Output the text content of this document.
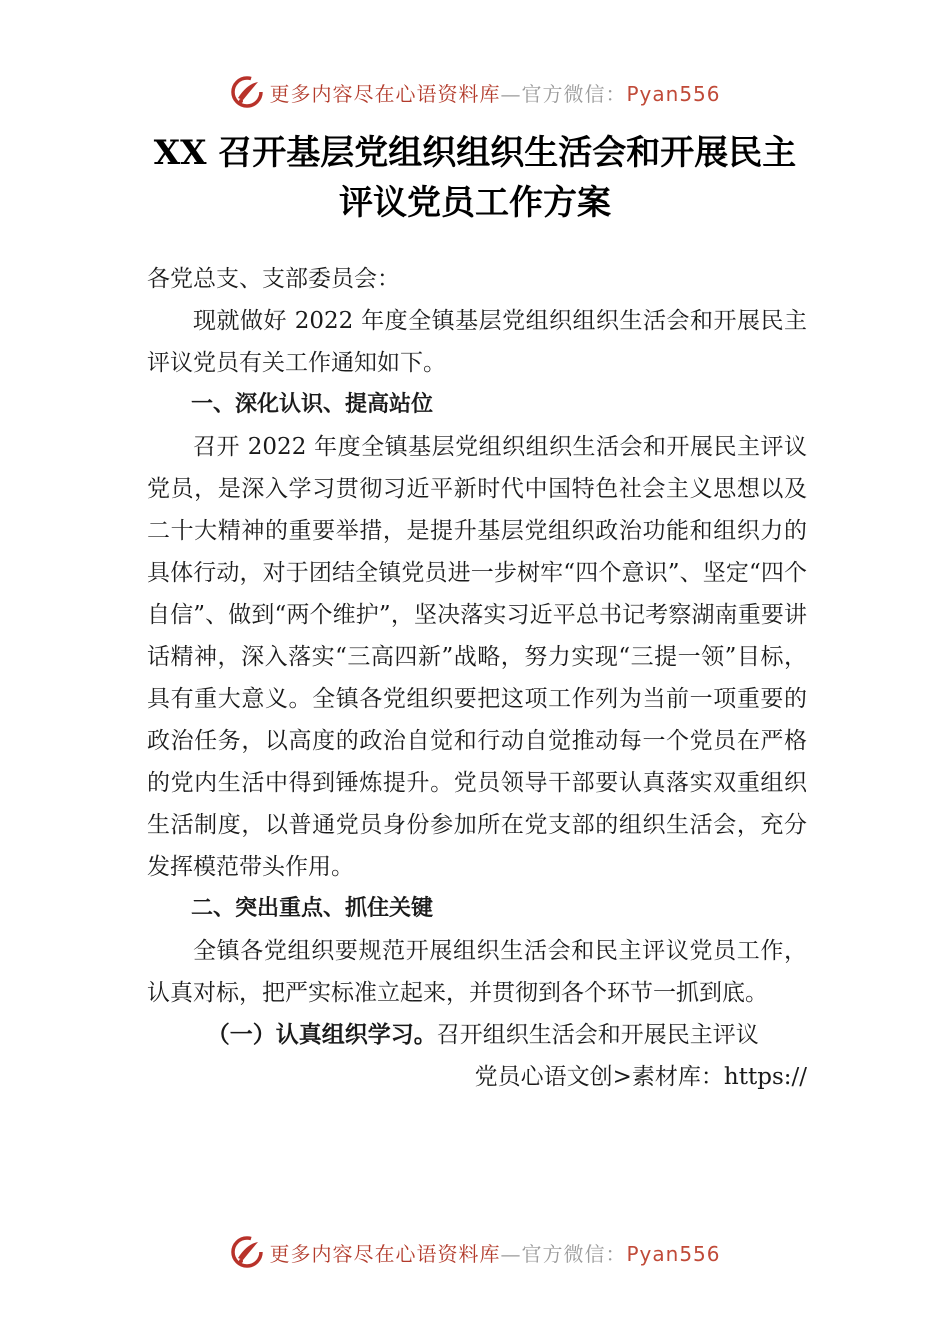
更多内容尽在心语资料库—官方微信：Pyan556
XX 召开基层党组织组织生活会和开展民主
评议党员工作方案

各党总支、支部委员会：

现就做好 2022 年度全镇基层党组织组织生活会和开展民主评议党员有关工作通知如下。

一、深化认识、提高站位

召开 2022 年度全镇基层党组织组织生活会和开展民主评议党员，是深入学习贯彻习近平新时代中国特色社会主义思想以及二十大精神的重要举措，是提升基层党组织政治功能和组织力的具体行动，对于团结全镇党员进一步树牢“四个意识”、坚定“四个自信”、做到“两个维护”，坚决落实习近平总书记考察湖南重要讲话精神，深入落实“三高四新”战略，努力实现“三提一领”目标，具有重大意义。全镇各党组织要把这项工作列为当前一项重要的政治任务，以高度的政治自觉和行动自觉推动每一个党员在严格的党内生活中得到锤炼提升。党员领导干部要认真落实双重组织生活制度，以普通党员身份参加所在党支部的组织生活会，充分发挥模范带头作用。

二、突出重点、抓住关键

全镇各党组织要规范开展组织生活会和民主评议党员工作，认真对标，把严实标准立起来，并贯彻到各个环节一抓到底。

（一）认真组织学习。召开组织生活会和开展民主评议

党员心语文创>素材库：https://

更多内容尽在心语资料库—官方微信：Pyan556
